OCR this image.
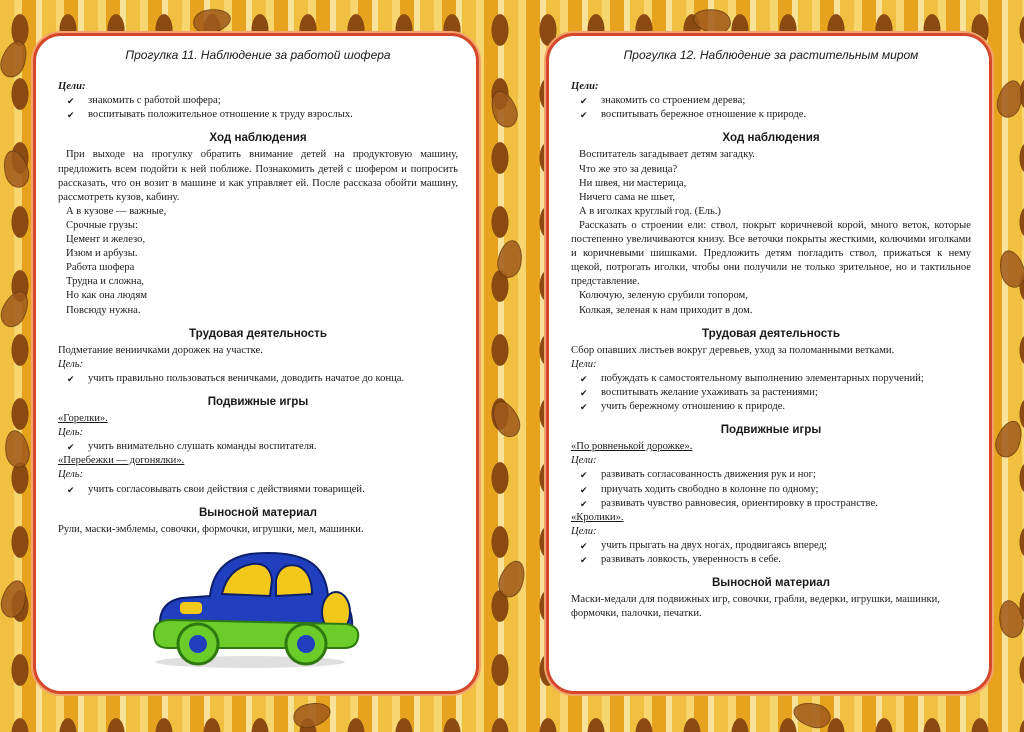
Прогулка 11. Наблюдение за работой шофера
Цели:
✔ знакомить с работой шофера;
✔ воспитывать положительное отношение к труду взрослых.
Ход наблюдения

При выходе на прогулку обратить внимание детей на продуктовую машину, предложить всем подойти к ней поближе. Познакомить детей с шофером и попросить рассказать, что он возит в машине и как управляет ей. После рассказа обойти машину, рассмотреть кузов, кабину.

А в кузове — важные,
Срочные грузы:
Цемент и железо,
Изюм и арбузы.
Работа шофера
Трудна и сложна,
Но как она людям
Повсюду нужна.
Трудовая деятельность

Подметание вениичками дорожек на участке.

Цель:
✔ учить правильно пользоваться веничками, доводить начатое до конца.
Подвижные игры
«Горелки».
Цель:
✔ учить внимательно слушать команды воспитателя.
«Перебежки — догонялки».
Цель:
✔ учить согласовывать свои действия с действиями товарищей.
Выносной материал

Рули, маски-эмблемы, совочки, формочки, игрушки, мел, машинки.

Прогулка 12. Наблюдение за растительным миром
Цели:
✔ знакомить со строением дерева;
✔ воспитывать бережное отношение к природе.
Ход наблюдения
Воспитатель загадывает детям загадку.
Что же это за девица?
Ни швея, ни мастерица,
Ничего сама не шьет,
А в иголках круглый год. (Ель.)

Рассказать о строении ели: ствол, покрыт коричневой корой, много веток, которые постепенно увеличиваются книзу. Все веточки покрыты жесткими, колючими иголками и коричневыми шишками. Предложить детям погладить ствол, прижаться к нему щекой, потрогать иголки, чтобы они получили не только зрительное, но и тактильное представление.

Колючую, зеленую срубили топором,
Колкая, зеленая к нам приходит в дом.
Трудовая деятельность

Сбор опавших листьев вокруг деревьев, уход за поломанными ветками.

Цели:
✔ побуждать к самостоятельному выполнению элементарных поручений;
✔ воспитывать желание ухаживать за растениями;
✔ учить бережному отношению к природе.
Подвижные игры
«По ровненькой дорожке».
Цели:
✔ развивать согласованность движения рук и ног;
✔ приучать ходить свободно в колонне по одному;
✔ развивать чувство равновесия, ориентировку в пространстве.
«Кролики».
Цели:
✔ учить прыгать на двух ногах, продвигаясь вперед;
✔ развивать ловкость, уверенность в себе.
Выносной материал

Маски-медали для подвижных игр, совочки, грабли, ведерки, игрушки, машинки, формочки, палочки, печатки.
